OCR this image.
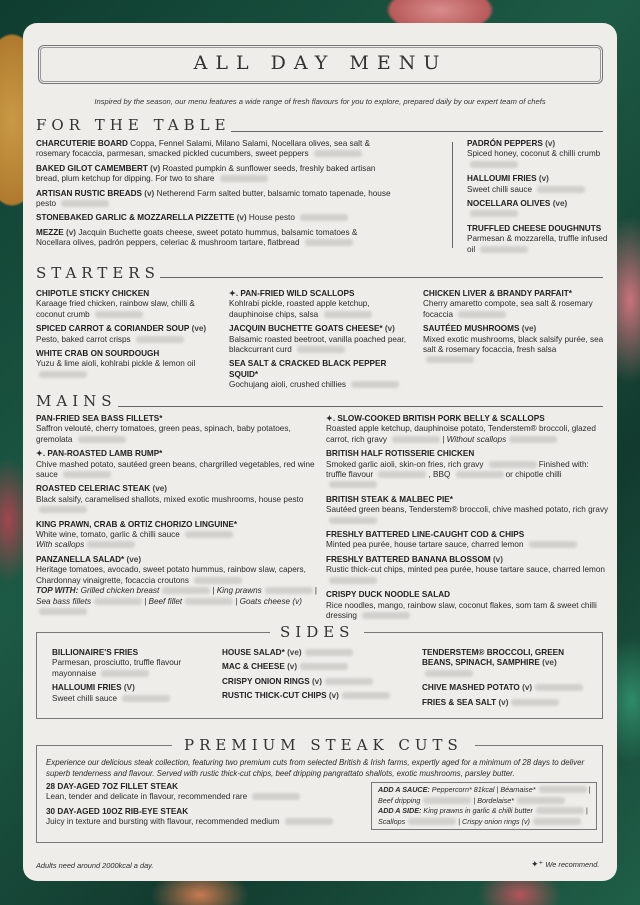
ALL DAY MENU
Inspired by the season, our menu features a wide range of fresh flavours for you to explore, prepared daily by our expert team of chefs
FOR THE TABLE
CHARCUTERIE BOARD Coppa, Fennel Salami, Milano Salami, Nocellara olives, sea salt & rosemary focaccia, parmesan, smacked pickled cucumbers, sweet peppers
BAKED GILOT CAMEMBERT (v) Roasted pumpkin & sunflower seeds, freshly baked artisan bread, plum ketchup for dipping. For two to share
ARTISAN RUSTIC BREADS (v) Netherend Farm salted butter, balsamic tomato tapenade, house pesto
STONEBAKED GARLIC & MOZZARELLA PIZZETTE (v) House pesto
MEZZE (v) Jacquin Buchette goats cheese, sweet potato hummus, balsamic tomatoes & Nocellara olives, padrón peppers, celeriac & mushroom tartare, flatbread
PADRÓN PEPPERS (v)
Spiced honey, coconut & chilli crumb
HALLOUMI FRIES (v)
Sweet chilli sauce
NOCELLARA OLIVES (ve)
TRUFFLED CHEESE DOUGHNUTS
Parmesan & mozzarella, truffle infused oil
STARTERS
CHIPOTLE STICKY CHICKEN
Karaage fried chicken, rainbow slaw, chilli & coconut crumb
SPICED CARROT & CORIANDER SOUP (ve)
Pesto, baked carrot crisps
WHITE CRAB ON SOURDOUGH
Yuzu & lime aioli, kohlrabi pickle & lemon oil
✦. PAN-FRIED WILD SCALLOPS
Kohlrabi pickle, roasted apple ketchup, dauphinoise chips, salsa
JACQUIN BUCHETTE GOATS CHEESE* (v)
Balsamic roasted beetroot, vanilla poached pear, blackcurrant curd
SEA SALT & CRACKED BLACK PEPPER SQUID*
Gochujang aioli, crushed chillies
CHICKEN LIVER & BRANDY PARFAIT*
Cherry amaretto compote, sea salt & rosemary focaccia
SAUTÉED MUSHROOMS (ve)
Mixed exotic mushrooms, black salsify purée, sea salt & rosemary focaccia, fresh salsa
MAINS
PAN-FRIED SEA BASS FILLETS*
Saffron velouté, cherry tomatoes, green peas, spinach, baby potatoes, gremolata
✦. PAN-ROASTED LAMB RUMP*
Chive mashed potato, sautéed green beans, chargrilled vegetables, red wine sauce
ROASTED CELERIAC STEAK (ve)
Black salsify, caramelised shallots, mixed exotic mushrooms, house pesto
KING PRAWN, CRAB & ORTIZ CHORIZO LINGUINE*
White wine, tomato, garlic & chilli sauce
With scallops
PANZANELLA SALAD* (ve)
Heritage tomatoes, avocado, sweet potato hummus, rainbow slaw, capers, Chardonnay vinaigrette, focaccia croutons
TOP WITH: Grilled chicken breast	| King prawns	| Sea bass fillets	| Beef fillet	| Goats cheese (v)
✦. SLOW-COOKED BRITISH PORK BELLY & SCALLOPS
Roasted apple ketchup, dauphinoise potato, Tenderstem® broccoli, glazed carrot, rich gravy	| Without scallops
BRITISH HALF ROTISSERIE CHICKEN
Smoked garlic aioli, skin-on fries, rich gravy	Finished with: truffle flavour	, BBQ	or chipotle chilli
BRITISH STEAK & MALBEC PIE*
Sautéed green beans, Tenderstem® broccoli, chive mashed potato, rich gravy
FRESHLY BATTERED LINE-CAUGHT COD & CHIPS
Minted pea purée, house tartare sauce, charred lemon
FRESHLY BATTERED BANANA BLOSSOM (v)
Rustic thick-cut chips, minted pea purée, house tartare sauce, charred lemon
CRISPY DUCK NOODLE SALAD
Rice noodles, mango, rainbow slaw, coconut flakes, som tam & sweet chilli dressing
SIDES
BILLIONAIRE'S FRIES
Parmesan, prosciutto, truffle flavour mayonnaise
HALLOUMI FRIES (V)
Sweet chilli sauce
HOUSE SALAD* (ve)
MAC & CHEESE (v)
CRISPY ONION RINGS (v)
RUSTIC THICK-CUT CHIPS (v)
TENDERSTEM® BROCCOLI, GREEN BEANS, SPINACH, SAMPHIRE (ve)
CHIVE MASHED POTATO (v)
FRIES & SEA SALT (v)
PREMIUM STEAK CUTS
Experience our delicious steak collection, featuring two premium cuts from selected British & Irish farms, expertly aged for a minimum of 28 days to deliver superb tenderness and flavour. Served with rustic thick-cut chips, beef dripping pangrattato shallots, exotic mushrooms, parsley butter.
28 DAY-AGED 7OZ FILLET STEAK
Lean, tender and delicate in flavour, recommended rare
30 DAY-AGED 10OZ RIB-EYE STEAK
Juicy in texture and bursting with flavour, recommended medium
ADD A SAUCE: Peppercorn* 81kcal | Béarnaise*	| Beef dripping	| Bordelaise*
ADD A SIDE: King prawns in garlic & chilli butter	| Scallops	| Crispy onion rings (v)
Adults need around 2000kcal a day.	✦⁺ We recommend.
